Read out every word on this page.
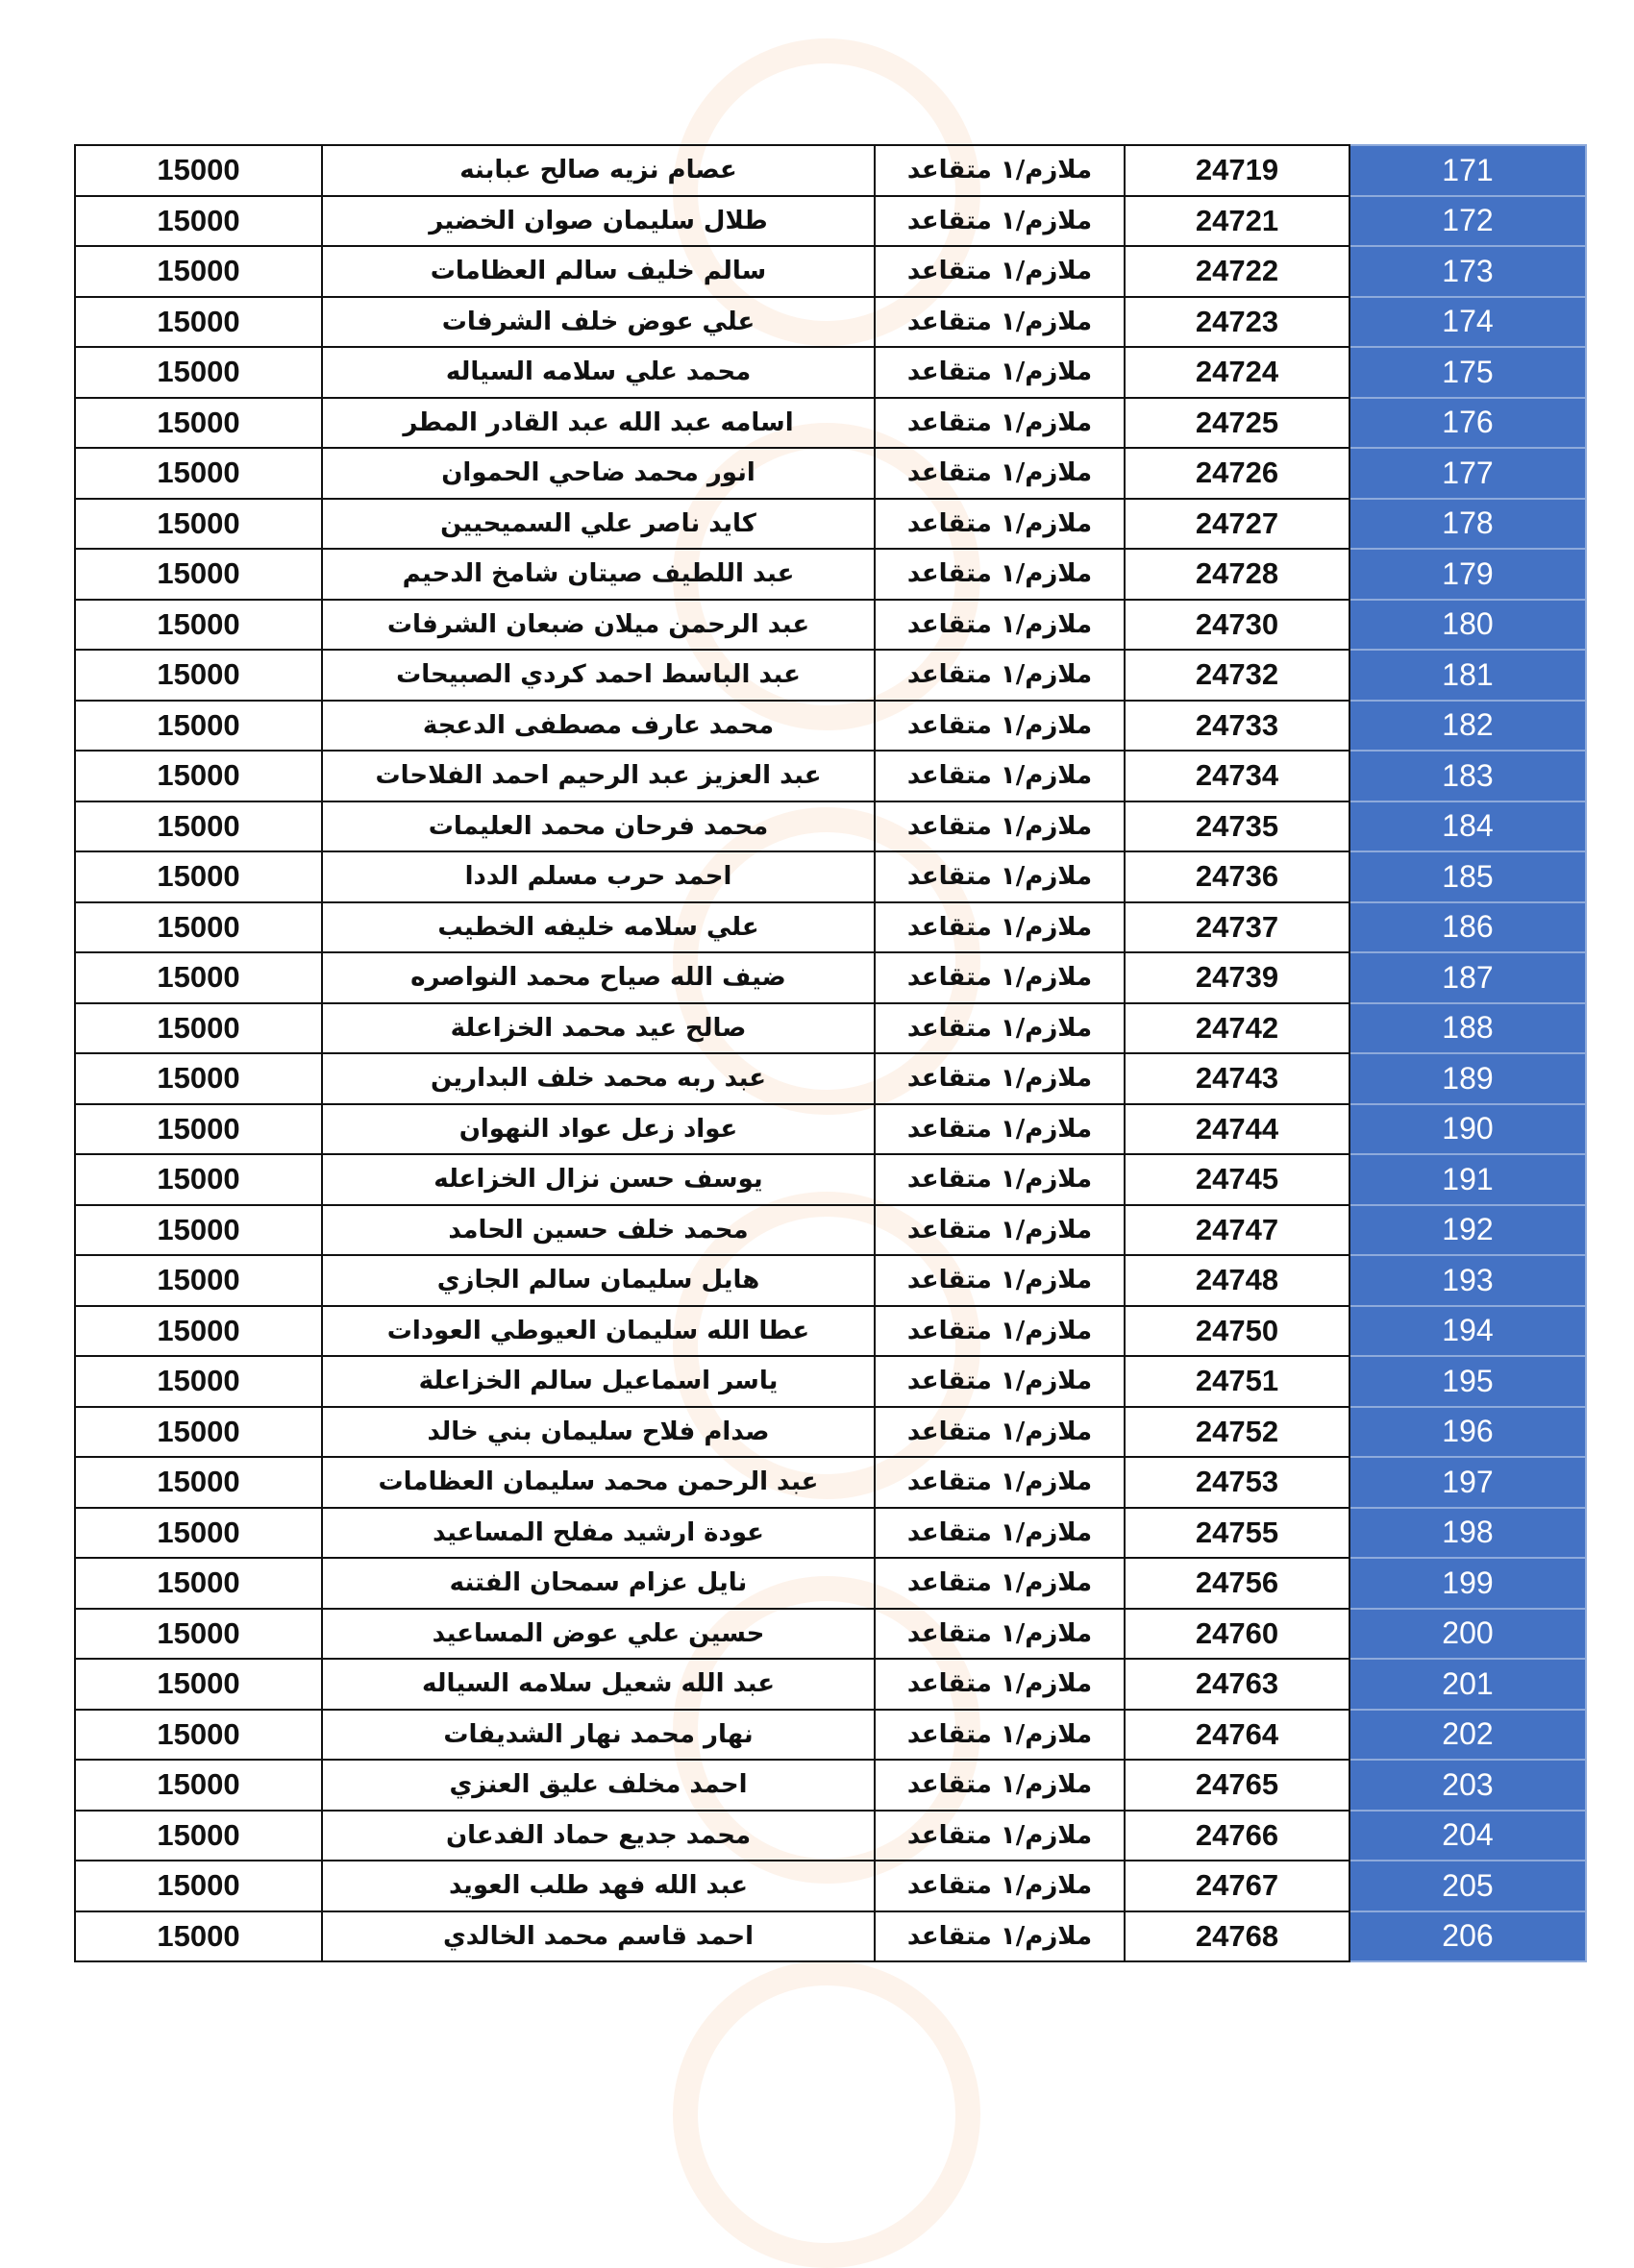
15000	عصام نزيه صالح عبابنه	ملازم/١ متقاعد	24719	171
15000	طلال سليمان صوان الخضير	ملازم/١ متقاعد	24721	172
15000	سالم خليف سالم العظامات	ملازم/١ متقاعد	24722	173
15000	علي عوض خلف الشرفات	ملازم/١ متقاعد	24723	174
15000	محمد علي سلامه السياله	ملازم/١ متقاعد	24724	175
15000	اسامه عبد الله عبد القادر المطر	ملازم/١ متقاعد	24725	176
15000	انور محمد ضاحي الحموان	ملازم/١ متقاعد	24726	177
15000	كايد ناصر علي السميحيين	ملازم/١ متقاعد	24727	178
15000	عبد اللطيف صيتان شامخ الدحيم	ملازم/١ متقاعد	24728	179
15000	عبد الرحمن ميلان ضبعان الشرفات	ملازم/١ متقاعد	24730	180
15000	عبد الباسط احمد كردي الصبيحات	ملازم/١ متقاعد	24732	181
15000	محمد عارف مصطفى الدعجة	ملازم/١ متقاعد	24733	182
15000	عبد العزيز عبد الرحيم احمد الفلاحات	ملازم/١ متقاعد	24734	183
15000	محمد فرحان محمد العليمات	ملازم/١ متقاعد	24735	184
15000	احمد حرب مسلم الددا	ملازم/١ متقاعد	24736	185
15000	علي سلامه خليفه الخطيب	ملازم/١ متقاعد	24737	186
15000	ضيف الله صياح محمد النواصره	ملازم/١ متقاعد	24739	187
15000	صالح عيد محمد الخزاعلة	ملازم/١ متقاعد	24742	188
15000	عبد ربه محمد خلف البدارين	ملازم/١ متقاعد	24743	189
15000	عواد زعل عواد النهوان	ملازم/١ متقاعد	24744	190
15000	يوسف حسن نزال الخزاعله	ملازم/١ متقاعد	24745	191
15000	محمد خلف حسين الحامد	ملازم/١ متقاعد	24747	192
15000	هايل سليمان سالم الجازي	ملازم/١ متقاعد	24748	193
15000	عطا الله سليمان العيوطي العودات	ملازم/١ متقاعد	24750	194
15000	ياسر اسماعيل سالم الخزاعلة	ملازم/١ متقاعد	24751	195
15000	صدام فلاح سليمان بني خالد	ملازم/١ متقاعد	24752	196
15000	عبد الرحمن محمد سليمان العظامات	ملازم/١ متقاعد	24753	197
15000	عودة ارشيد مفلح المساعيد	ملازم/١ متقاعد	24755	198
15000	نايل عزام سمحان الفتنه	ملازم/١ متقاعد	24756	199
15000	حسين علي عوض المساعيد	ملازم/١ متقاعد	24760	200
15000	عبد الله شعيل سلامه السياله	ملازم/١ متقاعد	24763	201
15000	نهار محمد نهار الشديفات	ملازم/١ متقاعد	24764	202
15000	احمد مخلف عليق العنزي	ملازم/١ متقاعد	24765	203
15000	محمد جديع حماد الفدعان	ملازم/١ متقاعد	24766	204
15000	عبد الله فهد طلب العويد	ملازم/١ متقاعد	24767	205
15000	احمد قاسم محمد الخالدي	ملازم/١ متقاعد	24768	206
